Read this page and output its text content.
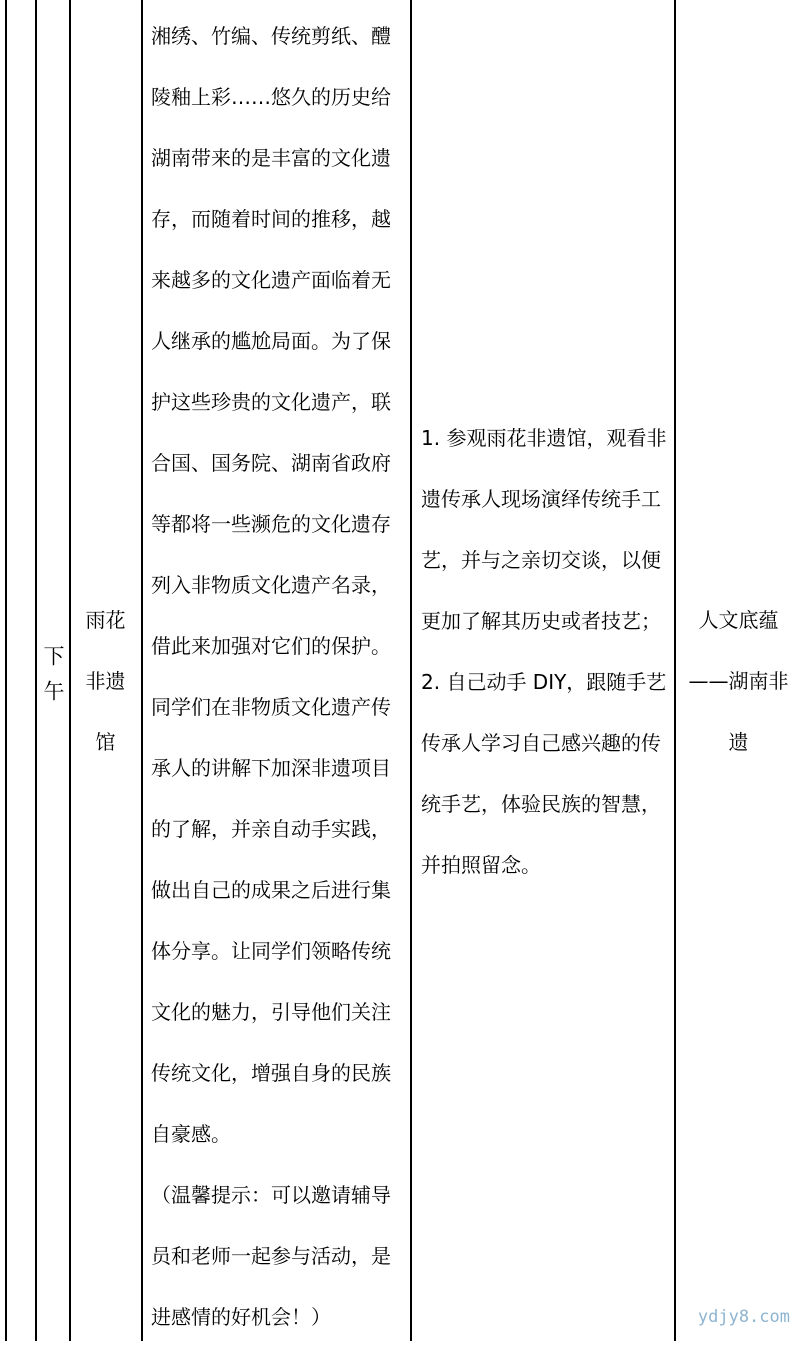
下午
雨花非遗馆
湘绣、竹编、传统剪纸、醴
陵釉上彩……悠久的历史给
湖南带来的是丰富的文化遗
存，而随着时间的推移，越
来越多的文化遗产面临着无
人继承的尴尬局面。为了保
护这些珍贵的文化遗产，联
合国、国务院、湖南省政府
等都将一些濒危的文化遗存
列入非物质文化遗产名录，
借此来加强对它们的保护。
同学们在非物质文化遗产传
承人的讲解下加深非遗项目
的了解，并亲自动手实践，
做出自己的成果之后进行集
体分享。让同学们领略传统
文化的魅力，引导他们关注
传统文化，增强自身的民族
自豪感。
（温馨提示：可以邀请辅导
员和老师一起参与活动，是
进感情的好机会！）
1. 参观雨花非遗馆，观看非遗传承人现场演绎传统手工艺，并与之亲切交谈，以便更加了解其历史或者技艺；
2. 自己动手 DIY，跟随手艺传承人学习自己感兴趣的传统手艺，体验民族的智慧，并拍照留念。
人文底蕴——湖南非遗
ydjy8.com
